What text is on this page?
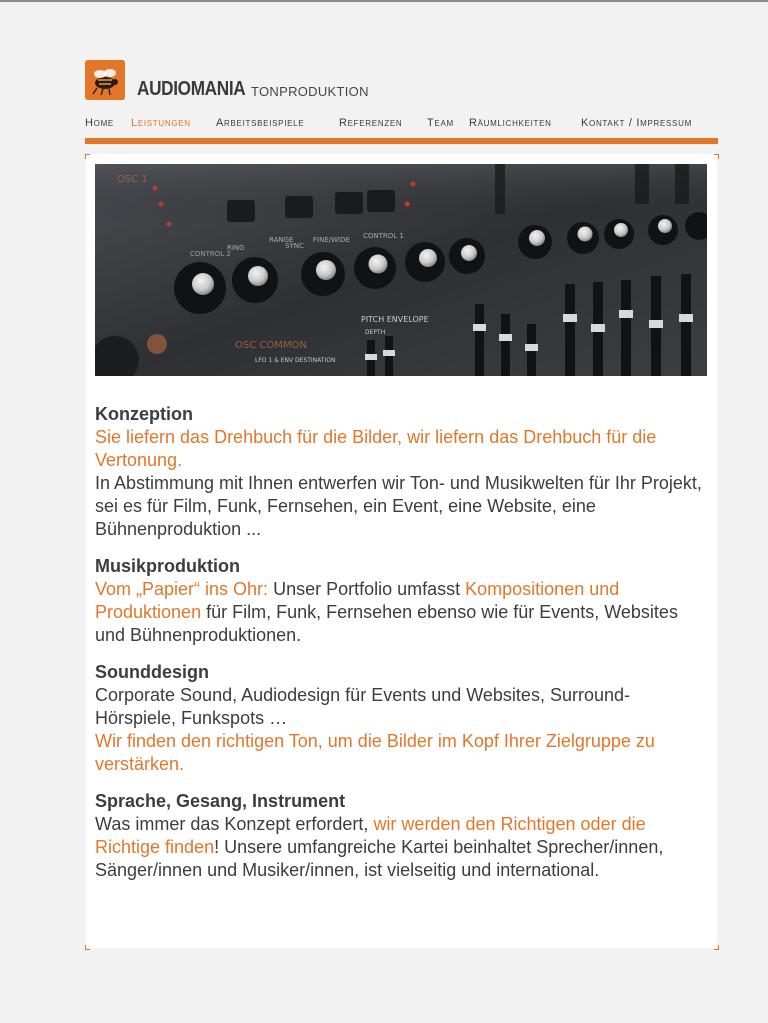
AUDIOMANIA TONPRODUKTION
Home Leistungen Arbeitsbeispiele	Referenzen Team Räumlichkeiten	Kontakt / Impressum
OSC 1
RING	SYNC
RANGE	FINE/WIDE CONTROL 1
CONTROL 2
OSC COMMON
PITCH ENVELOPE
DEPTH
LFO 1 & ENV DESTINATION
Konzeption

Sie liefern das Drehbuch für die Bilder, wir liefern das Drehbuch für die Vertonung.

In Abstimmung mit Ihnen entwerfen wir Ton- und Musikwelten für Ihr Projekt, sei es für Film, Funk, Fernsehen, ein Event, eine Website, eine Bühnenproduktion ...

Musikproduktion

Vom „Papier“ ins Ohr: Unser Portfolio umfasst Kompositionen und Produktionen für Film, Funk, Fernsehen ebenso wie für Events, Websites und Bühnenproduktionen.

Sounddesign

Corporate Sound, Audiodesign für Events und Websites, Surround-Hörspiele, Funkspots …

Wir finden den richtigen Ton, um die Bilder im Kopf Ihrer Zielgruppe zu verstärken.

Sprache, Gesang, Instrument

Was immer das Konzept erfordert, wir werden den Richtigen oder die Richtige finden! Unsere umfangreiche Kartei beinhaltet Sprecher/innen, Sänger/innen und Musiker/innen, ist vielseitig und international.
